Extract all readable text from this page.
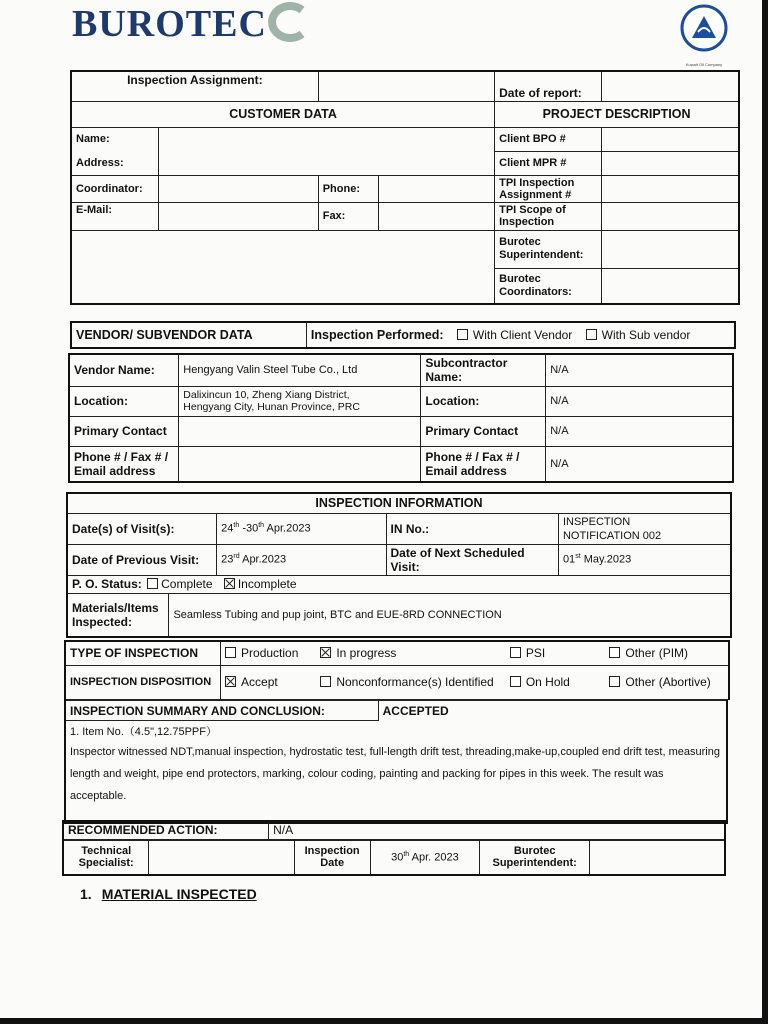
BUROTEC
Kuwait Oil Company
Inspection Assignment:				Date of report:	
CUSTOMER DATA				PROJECT DESCRIPTION	
Name:				Client BPO #	
Address:				Client MPR #	
Coordinator:		Phone:		TPI Inspection Assignment #	
E-Mail:		Fax:		TPI Scope of Inspection	
				Burotec Superintendent:	
				Burotec Coordinators:	
VENDOR/ SUBVENDOR DATA	Inspection Performed: With Client Vendor With Sub vendor
Vendor Name:	Hengyang Valin Steel Tube Co., Ltd	Subcontractor Name:	N/A
Location:	Dalixincun 10, Zheng Xiang District,
Hengyang City, Hunan Province, PRC	Location:	N/A
Primary Contact		Primary Contact	N/A
Phone # / Fax # / Email address		Phone # / Fax # / Email address	N/A
INSPECTION INFORMATION				
Date(s) of Visit(s):		24th -30th Apr.2023	IN No.:	INSPECTION
NOTIFICATION 002

Date of Previous Visit:		23rd Apr.2023	Date of Next Scheduled Visit:	01st May.2023
P. O. Status: Complete Incomplete				
Materials/Items Inspected:	Seamless Tubing and pup joint, BTC and EUE-8RD CONNECTION			
TYPE OF INSPECTION	Production	In progress	PSI	Other (PIM)
INSPECTION DISPOSITION	Accept	Nonconformance(s) Identified	On Hold	Other (Abortive)
INSPECTION SUMMARY AND CONCLUSION:	ACCEPTED

1. Item No.（4.5",12.75PPF）
Inspector witnessed NDT,manual inspection, hydrostatic test, full-length drift test, threading,make-up,coupled end drift test, measuring length and weight, pipe end protectors, marking, colour coding, painting and packing for pipes in this week. The result was acceptable.
RECOMMENDED ACTION:	N/A
Technical Specialist:		Inspection Date	30th Apr. 2023	Burotec Superintendent:	
1. MATERIAL INSPECTED
